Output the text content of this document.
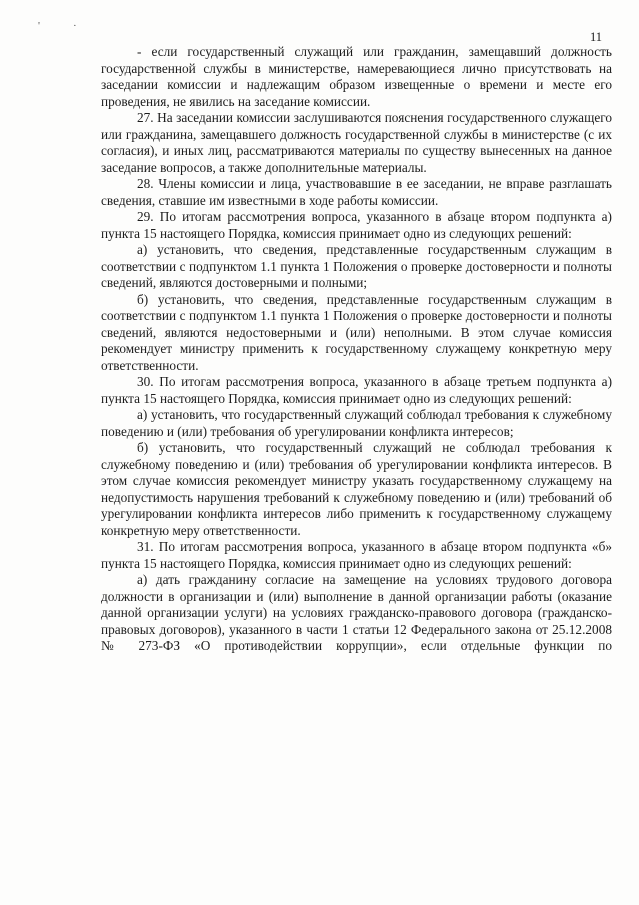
'	·
11

- если государственный служащий или гражданин, замещавший должность государственной службы в министерстве, намеревающиеся лично присутствовать на заседании комиссии и надлежащим образом извещенные о времени и месте его проведения, не явились на заседание комиссии.

27. На заседании комиссии заслушиваются пояснения государственного служащего или гражданина, замещавшего должность государственной службы в министерстве (с их согласия), и иных лиц, рассматриваются материалы по существу вынесенных на данное заседание вопросов, а также дополнительные материалы.

28. Члены комиссии и лица, участвовавшие в ее заседании, не вправе разглашать сведения, ставшие им известными в ходе работы комиссии.

29. По итогам рассмотрения вопроса, указанного в абзаце втором подпункта а) пункта 15 настоящего Порядка, комиссия принимает одно из следующих решений:

а) установить, что сведения, представленные государственным служащим в соответствии с подпунктом 1.1 пункта 1 Положения о проверке достоверности и полноты сведений, являются достоверными и полными;

б) установить, что сведения, представленные государственным служащим в соответствии с подпунктом 1.1 пункта 1 Положения о проверке достоверности и полноты сведений, являются недостоверными и (или) неполными. В этом случае комиссия рекомендует министру применить к государственному служащему конкретную меру ответственности.

30. По итогам рассмотрения вопроса, указанного в абзаце третьем подпункта а) пункта 15 настоящего Порядка, комиссия принимает одно из следующих решений:

а) установить, что государственный служащий соблюдал требования к служебному поведению и (или) требования об урегулировании конфликта интересов;

б) установить, что государственный служащий не соблюдал требования к служебному поведению и (или) требования об урегулировании конфликта интересов. В этом случае комиссия рекомендует министру указать государственному служащему на недопустимость нарушения требований к служебному поведению и (или) требований об урегулировании конфликта интересов либо применить к государственному служащему конкретную меру ответственности.

31. По итогам рассмотрения вопроса, указанного в абзаце втором подпункта «б» пункта 15 настоящего Порядка, комиссия принимает одно из следующих решений:

а) дать гражданину согласие на замещение на условиях трудового договора должности в организации и (или) выполнение в данной организации работы (оказание данной организации услуги) на условиях гражданско-правового договора (гражданско-правовых договоров), указанного в части 1 статьи 12 Федерального закона от 25.12.2008 № 273-ФЗ «О противодействии коррупции», если отдельные функции по
